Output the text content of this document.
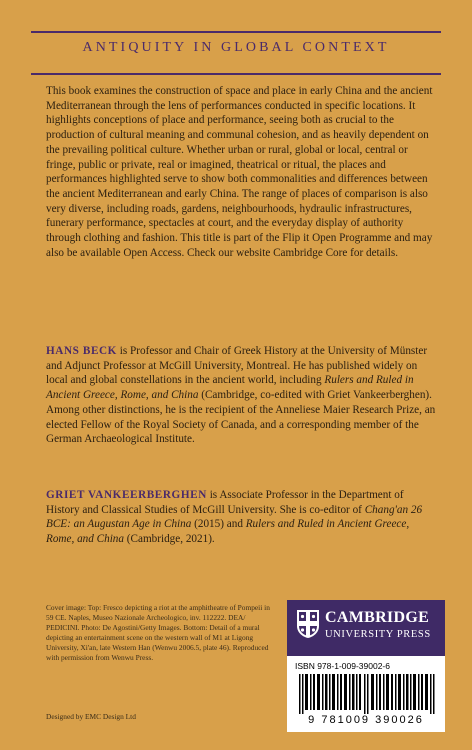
ANTIQUITY IN GLOBAL CONTEXT

This book examines the construction of space and place in early China and the ancient Mediterranean through the lens of performances conducted in specific locations. It highlights conceptions of place and performance, seeing both as crucial to the production of cultural meaning and communal cohesion, and as heavily dependent on the prevailing political culture. Whether urban or rural, global or local, central or fringe, public or private, real or imagined, theatrical or ritual, the places and performances highlighted serve to show both commonalities and differences between the ancient Mediterranean and early China. The range of places of comparison is also very diverse, including roads, gardens, neighbourhoods, hydraulic infrastructures, funerary performance, spectacles at court, and the everyday display of authority through clothing and fashion. This title is part of the Flip it Open Programme and may also be available Open Access. Check our website Cambridge Core for details.

HANS BECK is Professor and Chair of Greek History at the University of Münster and Adjunct Professor at McGill University, Montreal. He has published widely on local and global constellations in the ancient world, including Rulers and Ruled in Ancient Greece, Rome, and China (Cambridge, co-edited with Griet Vankeerberghen). Among other distinctions, he is the recipient of the Anneliese Maier Research Prize, an elected Fellow of the Royal Society of Canada, and a corresponding member of the German Archaeological Institute.

GRIET VANKEERBERGHEN is Associate Professor in the Department of History and Classical Studies of McGill University. She is co-editor of Chang'an 26 BCE: an Augustan Age in China (2015) and Rulers and Ruled in Ancient Greece, Rome, and China (Cambridge, 2021).

Cover image: Top: Fresco depicting a riot at the amphitheatre of Pompeii in 59 CE. Naples, Museo Nazionale Archeologico, inv. 112222. DEA/ PEDICINI. Photo: De Agostini/Getty Images. Bottom: Detail of a mural depicting an entertainment scene on the western wall of M1 at Ligong University, Xi'an, late Western Han (Wenwu 2006.5, plate 46). Reproduced with permission from Wenwu Press.

Designed by EMC Design Ltd
CAMBRIDGE
UNIVERSITY PRESS
ISBN 978-1-009-39002-6
9 781009 390026
